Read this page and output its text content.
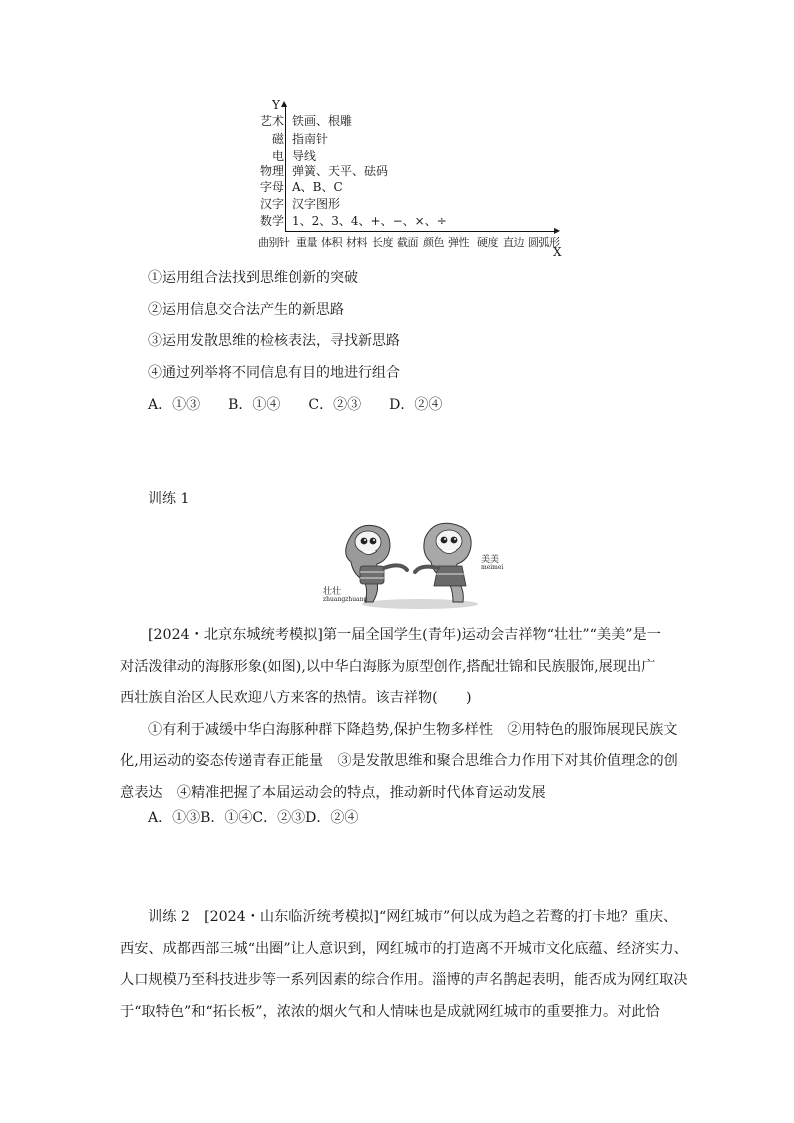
Y ▲
▶
X
艺术 铁画、根雕
磁 指南针
电 导线
物理 弹簧、天平、砝码
字母 A、B、C
汉字 汉字图形
数学 1、2、3、4、+、−、×、÷
曲别针 重量 体积 材料 长度 截面 颜色 弹性 硬度 直边 圆弧形
①运用组合法找到思维创新的突破
②运用信息交合法产生的新思路
③运用发散思维的检核表法，寻找新思路
④通过列举将不同信息有目的地进行组合
A．①③　　B．①④　　C．②③　　D．②④
训练 1
壮壮
zhuangzhuang
美美
meimei
[2024・北京东城统考模拟]第一届全国学生(青年)运动会吉祥物“壮壮”“美美”是一
对活泼律动的海豚形象(如图),以中华白海豚为原型创作,搭配壮锦和民族服饰,展现出广
西壮族自治区人民欢迎八方来客的热情。该吉祥物(　　)
①有利于减缓中华白海豚种群下降趋势,保护生物多样性　②用特色的服饰展现民族文
化,用运动的姿态传递青春正能量　③是发散思维和聚合思维合力作用下对其价值理念的创
意表达　④精准把握了本届运动会的特点，推动新时代体育运动发展
A．①③B．①④C．②③D．②④
训练 2　[2024・山东临沂统考模拟]“网红城市”何以成为趋之若鹜的打卡地？重庆、
西安、成都西部三城“出圈”让人意识到，网红城市的打造离不开城市文化底蕴、经济实力、
人口规模乃至科技进步等一系列因素的综合作用。淄博的声名鹊起表明，能否成为网红取决
于“取特色”和“拓长板”，浓浓的烟火气和人情味也是成就网红城市的重要推力。对此恰
